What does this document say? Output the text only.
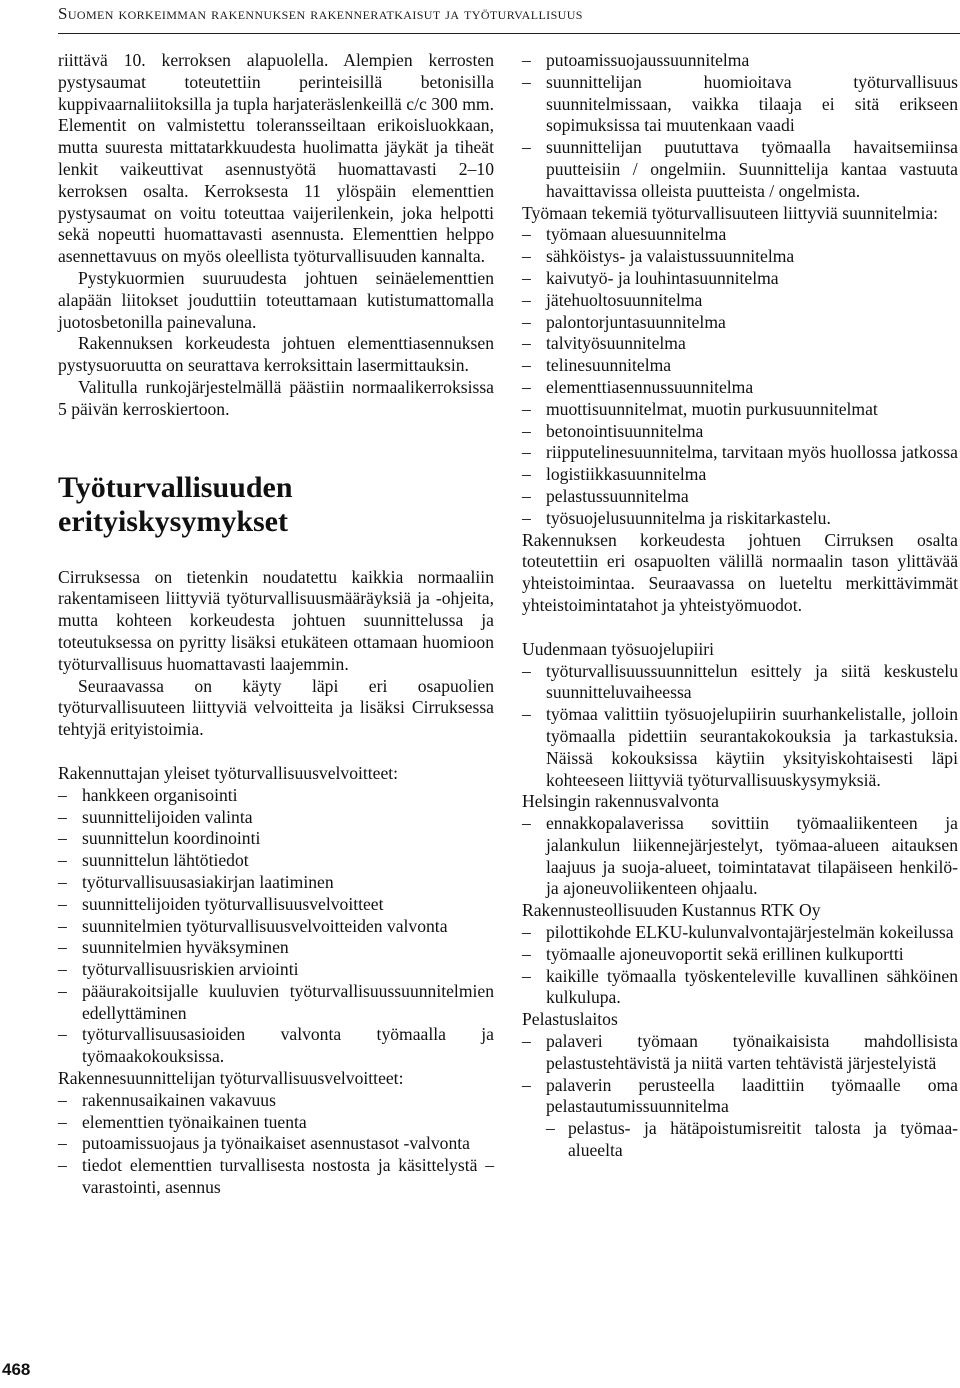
Suomen korkeimman rakennuksen rakenneratkaisut ja työturvallisuus

riittävä 10. kerroksen alapuolella. Alempien kerrosten pystysaumat toteutettiin perinteisillä betonisilla kuppivaarnaliitoksilla ja tupla harjateräslenkeillä c/c 300 mm. Elementit on valmistettu toleransseiltaan erikoisluokkaan, mutta suuresta mittatarkkuudesta huolimatta jäykät ja tiheät lenkit vaikeuttivat asennustyötä huomattavasti 2–10 kerroksen osalta. Kerroksesta 11 ylöspäin elementtien pystysaumat on voitu toteuttaa vaijerilenkein, joka helpotti sekä nopeutti huomattavasti asennusta. Elementtien helppo asennettavuus on myös oleellista työturvallisuuden kannalta.

Pystykuormien suuruudesta johtuen seinäelementtien alapään liitokset jouduttiin toteuttamaan kutistumattomalla juotosbetonilla painevaluna.

Rakennuksen korkeudesta johtuen elementtiasennuksen pystysuoruutta on seurattava kerroksittain lasermittauksin.

Valitulla runkojärjestelmällä päästiin normaalikerroksissa 5 päivän kerroskiertoon.

Työturvallisuuden erityiskysymykset

Cirruksessa on tietenkin noudatettu kaikkia normaaliin rakentamiseen liittyviä työturvallisuusmääräyksiä ja -ohjeita, mutta kohteen korkeudesta johtuen suunnittelussa ja toteutuksessa on pyritty lisäksi etukäteen ottamaan huomioon työturvallisuus huomattavasti laajemmin.

Seuraavassa on käyty läpi eri osapuolien työturvallisuuteen liittyviä velvoitteita ja lisäksi Cirruksessa tehtyjä erityistoimia.

Rakennuttajan yleiset työturvallisuusvelvoitteet:

– hankkeen organisointi
– suunnittelijoiden valinta
– suunnittelun koordinointi
– suunnittelun lähtötiedot
– työturvallisuusasiakirjan laatiminen
– suunnittelijoiden työturvallisuusvelvoitteet
– suunnitelmien työturvallisuusvelvoitteiden valvonta
– suunnitelmien hyväksyminen
– työturvallisuusriskien arviointi
– pääurakoitsijalle kuuluvien työturvallisuussuunnitelmien edellyttäminen
– työturvallisuusasioiden valvonta työmaalla ja työmaakokouksissa.

Rakennesuunnittelijan työturvallisuusvelvoitteet:

– rakennusaikainen vakavuus
– elementtien työnaikainen tuenta
– putoamissuojaus ja työnaikaiset asennustasot -valvonta
– tiedot elementtien turvallisesta nostosta ja käsittelystä – varastointi, asennus
– putoamissuojaussuunnitelma
– suunnittelijan huomioitava työturvallisuus suunnitelmissaan, vaikka tilaaja ei sitä erikseen sopimuksissa tai muutenkaan vaadi
– suunnittelijan puututtava työmaalla havaitsemiinsa puutteisiin / ongelmiin. Suunnittelija kantaa vastuuta havaittavissa olleista puutteista / ongelmista.

Työmaan tekemiä työturvallisuuteen liittyviä suunnitelmia:

– työmaan aluesuunnitelma
– sähköistys- ja valaistussuunnitelma
– kaivutyö- ja louhintasuunnitelma
– jätehuoltosuunnitelma
– palontorjuntasuunnitelma
– talvityösuunnitelma
– telinesuunnitelma
– elementtiasennussuunnitelma
– muottisuunnitelmat, muotin purkusuunnitelmat
– betonointisuunnitelma
– riipputelinesuunnitelma, tarvitaan myös huollossa jatkossa
– logistiikkasuunnitelma
– pelastussuunnitelma
– työsuojelusuunnitelma ja riskitarkastelu.

Rakennuksen korkeudesta johtuen Cirruksen osalta toteutettiin eri osapuolten välillä normaalin tason ylittävää yhteistoimintaa. Seuraavassa on lueteltu merkittävimmät yhteistoimintatahot ja yhteistyömuodot.

Uudenmaan työsuojelupiiri

– työturvallisuussuunnittelun esittely ja siitä keskustelu suunnitteluvaiheessa
– työmaa valittiin työsuojelupiirin suurhankelistalle, jolloin työmaalla pidettiin seurantakokouksia ja tarkastuksia. Näissä kokouksissa käytiin yksityiskohtaisesti läpi kohteeseen liittyviä työturvallisuuskysymyksiä.

Helsingin rakennusvalvonta

– ennakkopalaverissa sovittiin työmaaliikenteen ja jalankulun liikennejärjestelyt, työmaa-alueen aitauksen laajuus ja suoja-alueet, toimintatavat tilapäiseen henkilö- ja ajoneuvoliikenteen ohjaalu.

Rakennusteollisuuden Kustannus RTK Oy

– pilottikohde ELKU-kulunvalvontajärjestelmän kokeilussa
– työmaalle ajoneuvoportit sekä erillinen kulkuportti
– kaikille työmaalla työskenteleville kuvallinen sähköinen kulkulupa.

Pelastuslaitos

– palaveri työmaan työnaikaisista mahdollisista pelastustehtävistä ja niitä varten tehtävistä järjestelyistä
– palaverin perusteella laadittiin työmaalle oma pelastautumissuunnitelma
– pelastus- ja hätäpoistumisreitit talosta ja työmaa-alueelta
468
